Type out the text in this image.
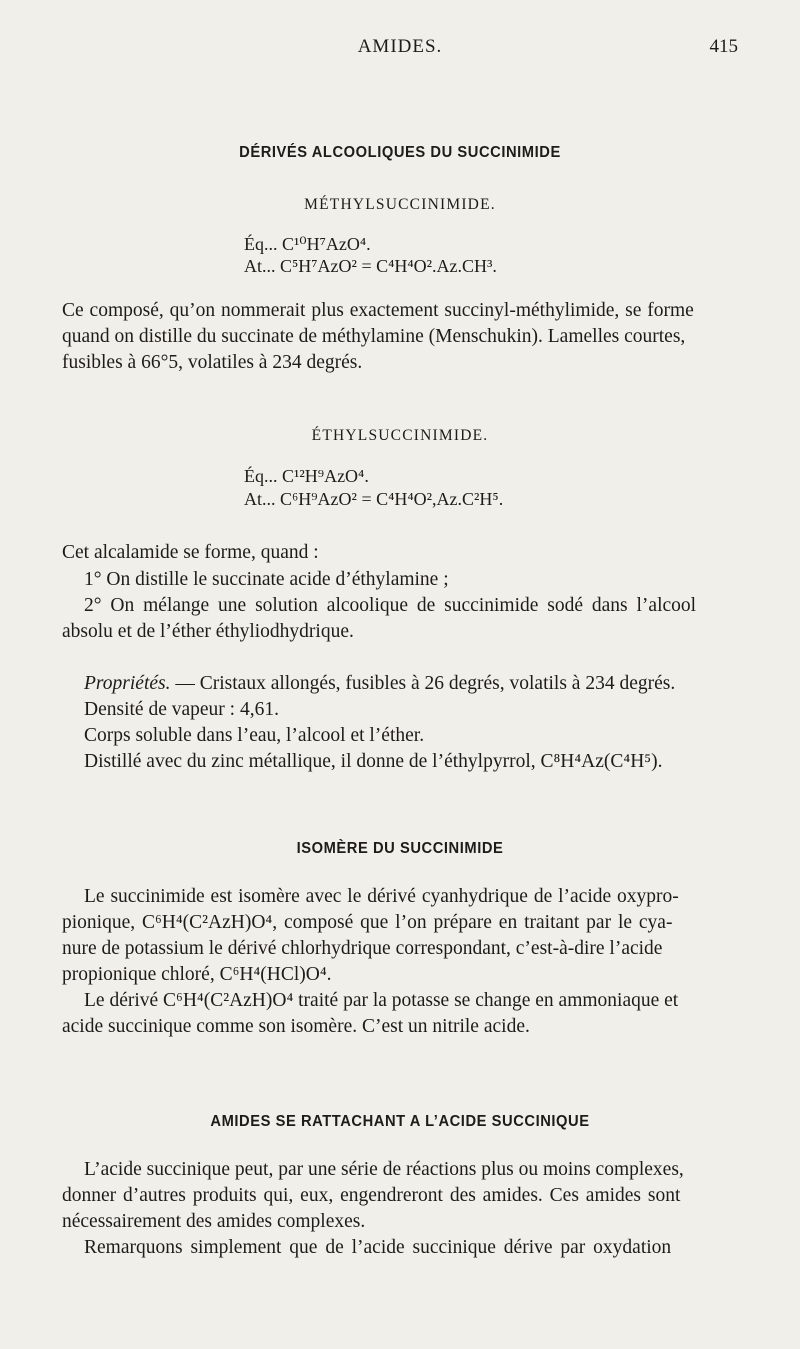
AMIDES.	415
DÉRIVÉS ALCOOLIQUES DU SUCCINIMIDE
MÉTHYLSUCCINIMIDE.
Éq... C¹⁰H⁷AzO⁴.
At... C⁵H⁷AzO² = C⁴H⁴O².Az.CH³.
Ce composé, qu’on nommerait plus exactement succinyl-méthylimide, se forme
quand on distille du succinate de méthylamine (Menschukin). Lamelles courtes,
fusibles à 66°5, volatiles à 234 degrés.
ÉTHYLSUCCINIMIDE.
Éq... C¹²H⁹AzO⁴.
At... C⁶H⁹AzO² = C⁴H⁴O²,Az.C²H⁵.
Cet alcalamide se forme, quand :
1° On distille le succinate acide d’éthylamine ;
2° On mélange une solution alcoolique de succinimide sodé dans l’alcool
absolu et de l’éther éthyliodhydrique.
Propriétés. — Cristaux allongés, fusibles à 26 degrés, volatils à 234 degrés.
Densité de vapeur : 4,61.
Corps soluble dans l’eau, l’alcool et l’éther.
Distillé avec du zinc métallique, il donne de l’éthylpyrrol, C⁸H⁴Az(C⁴H⁵).
ISOMÈRE DU SUCCINIMIDE
Le succinimide est isomère avec le dérivé cyanhydrique de l’acide oxypro-
pionique, C⁶H⁴(C²AzH)O⁴, composé que l’on prépare en traitant par le cya-
nure de potassium le dérivé chlorhydrique correspondant, c’est-à-dire l’acide
propionique chloré, C⁶H⁴(HCl)O⁴.
Le dérivé C⁶H⁴(C²AzH)O⁴ traité par la potasse se change en ammoniaque et
acide succinique comme son isomère. C’est un nitrile acide.
AMIDES SE RATTACHANT A L’ACIDE SUCCINIQUE
L’acide succinique peut, par une série de réactions plus ou moins complexes,
donner d’autres produits qui, eux, engendreront des amides. Ces amides sont
nécessairement des amides complexes.
Remarquons simplement que de l’acide succinique dérive par oxydation
